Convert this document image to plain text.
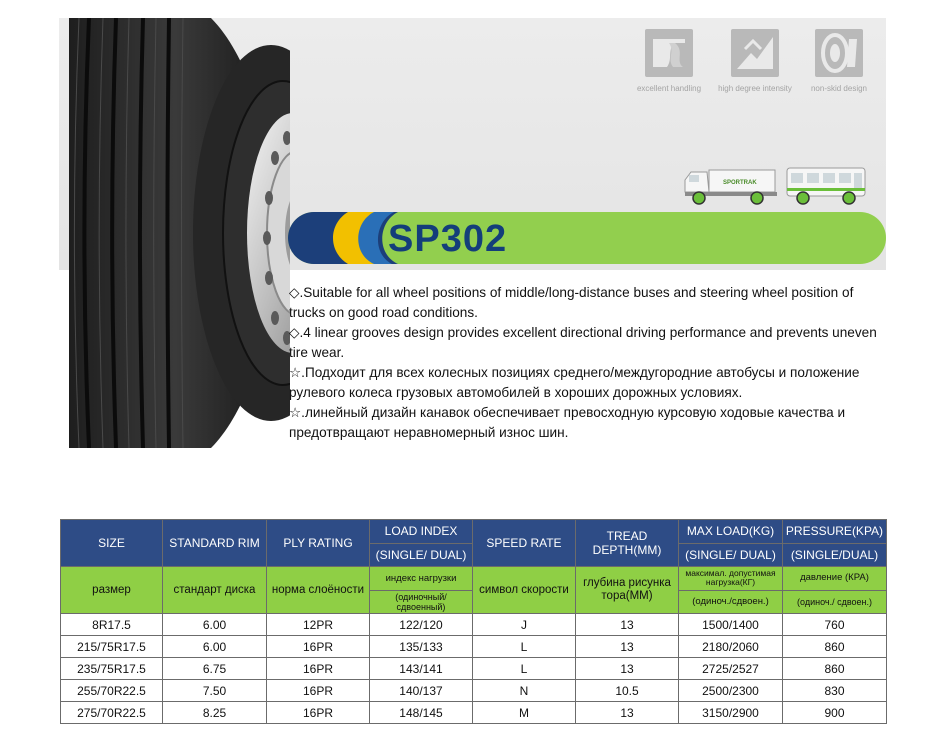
excellent handling	high degree intensity	non-skid design
SPORTRAK
SP302

◇.Suitable for all wheel positions of middle/long-distance buses and steering wheel position of trucks on good road conditions.

◇.4 linear grooves design provides excellent directional driving performance and prevents uneven tire wear.

☆.Подходит для всех колесных позициях среднего/междугородние автобусы и положение рулевого колеса грузовых автомобилей в хороших дорожных условиях.

☆.линейный дизайн канавок обеспечивает превосходную курсовую ходовые качества и предотвращают неравномерный износ шин.

SIZE	STANDARD RIM	PLY RATING	LOAD INDEX	SPEED RATE	TREAD DEPTH(MM)	MAX LOAD(KG)	PRESSURE(KPA)
			(SINGLE/ DUAL)			(SINGLE/ DUAL)	(SINGLE/DUAL)
размер	стандарт диска	норма слоёности	индекс нагрузки	символ скорости	глубина рисунка тора(ММ)	максимал. допустимая нагрузка(КГ)	давление (КРА)
			(одиночный/ сдвоенный)			(одиноч./сдвоен.)	(одиноч./ сдвоен.)
8R17.5	6.00	12PR	122/120	J	13	1500/1400	760
215/75R17.5	6.00	16PR	135/133	L	13	2180/2060	860
235/75R17.5	6.75	16PR	143/141	L	13	2725/2527	860
255/70R22.5	7.50	16PR	140/137	N	10.5	2500/2300	830
275/70R22.5	8.25	16PR	148/145	M	13	3150/2900	900
